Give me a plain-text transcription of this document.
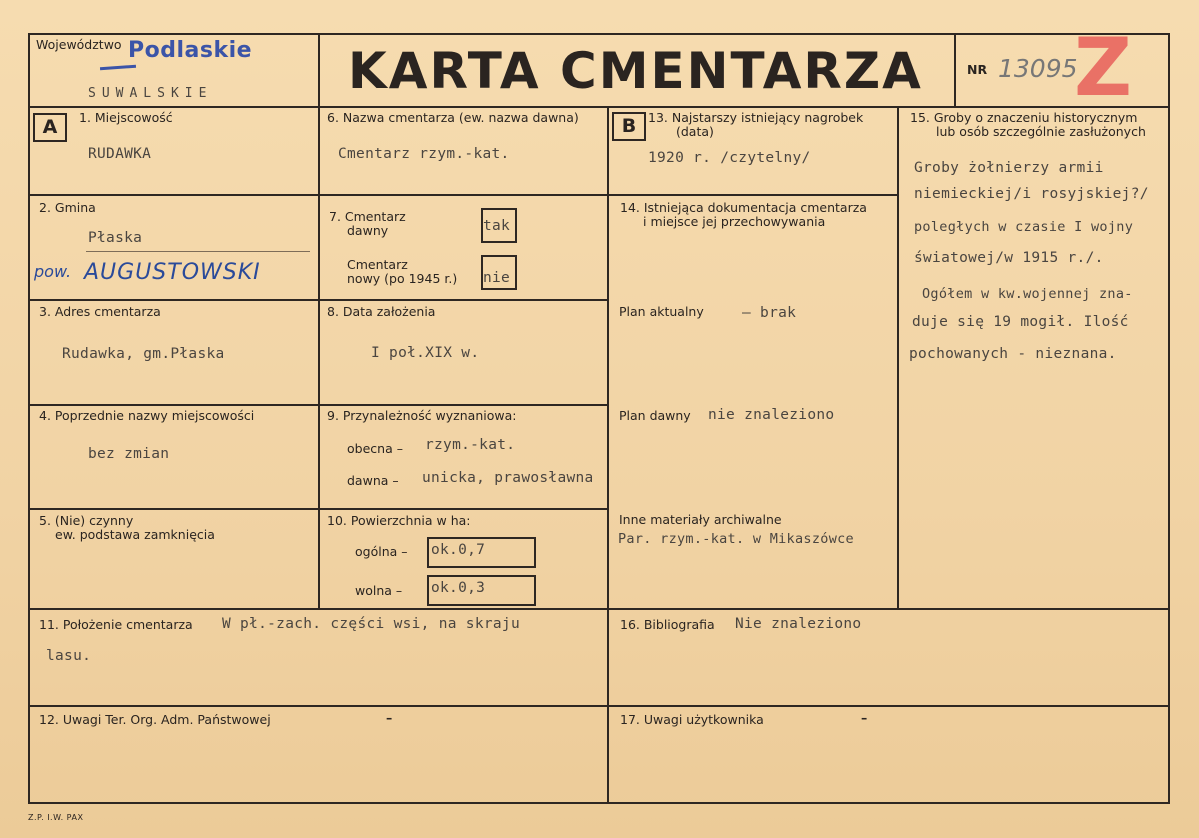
Województwo Podlaskie
SUWALSKIE	KARTA CMENTARZA	NR 13095
Z
A	B
1. Miejscowość
RUDAWKA
2. Gmina
Płaska
pow. AUGUSTOWSKI
3. Adres cmentarza
Rudawka, gm.Płaska
4. Poprzednie nazwy miejscowości
bez zmian
5. (Nie) czynny
ew. podstawa zamknięcia
6. Nazwa cmentarza (ew. nazwa dawna)
Cmentarz rzym.-kat.
7. Cmentarz
dawny	tak
Cmentarz
nowy (po 1945 r.) nie
8. Data założenia
I poł.XIX w.
9. Przynależność wyznaniowa:
obecna – rzym.-kat.
dawna – unicka, prawosławna
10. Powierzchnia w ha:
ogólna – ok.0,7
wolna – ok.0,3
13. Najstarszy istniejący nagrobek
(data)
1920 r. /czytelny/
14. Istniejąca dokumentacja cmentarza
i miejsce jej przechowywania
Plan aktualny	– brak
Plan dawny nie znaleziono
Inne materiały archiwalne
Par. rzym.-kat. w Mikaszówce
15. Groby o znaczeniu historycznym
lub osób szczególnie zasłużonych
Groby żołnierzy armii
niemieckiej/i rosyjskiej?/
poległych w czasie I wojny
światowej/w 1915 r./.
Ogółem w kw.wojennej zna-
duje się 19 mogił. Ilość
pochowanych - nieznana.
11. Położenie cmentarza W pł.-zach. części wsi, na skraju
lasu.
16. Bibliografia Nie znaleziono
12. Uwagi Ter. Org. Adm. Państwowej	–	17. Uwagi użytkownika	–
Z.P. I.W. PAX
